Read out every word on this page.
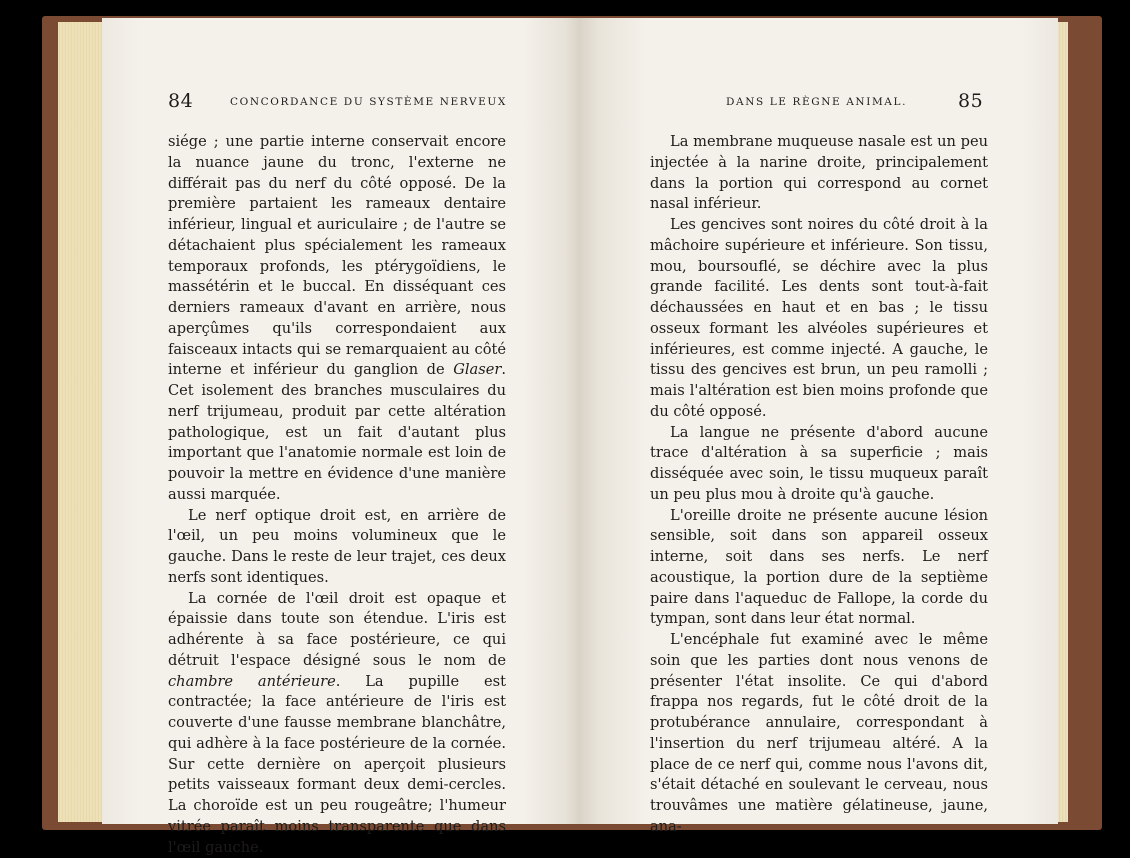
84	CONCORDANCE DU SYSTÈME NERVEUX

siége ; une partie interne conservait encore la nuance jaune du tronc, l'externe ne différait pas du nerf du côté opposé. De la première partaient les rameaux dentaire inférieur, lingual et auriculaire ; de l'autre se détachaient plus spécialement les rameaux temporaux profonds, les ptérygoïdiens, le massétérin et le buccal. En disséquant ces derniers rameaux d'avant en arrière, nous aperçûmes qu'ils correspondaient aux faisceaux intacts qui se remarquaient au côté interne et inférieur du ganglion de Glaser. Cet isolement des branches musculaires du nerf trijumeau, produit par cette altération pathologique, est un fait d'autant plus important que l'anatomie normale est loin de pouvoir la mettre en évidence d'une manière aussi marquée.

Le nerf optique droit est, en arrière de l'œil, un peu moins volumineux que le gauche. Dans le reste de leur trajet, ces deux nerfs sont identiques.

La cornée de l'œil droit est opaque et épaissie dans toute son étendue. L'iris est adhérente à sa face postérieure, ce qui détruit l'espace désigné sous le nom de chambre antérieure. La pupille est contractée; la face antérieure de l'iris est couverte d'une fausse membrane blanchâtre, qui adhère à la face postérieure de la cornée. Sur cette dernière on aperçoit plusieurs petits vaisseaux formant deux demi-cercles. La choroïde est un peu rougeâtre; l'humeur vitrée paraît moins transparente que dans l'œil gauche.

DANS LE RÈGNE ANIMAL.	85

La membrane muqueuse nasale est un peu injectée à la narine droite, principalement dans la portion qui correspond au cornet nasal inférieur.

Les gencives sont noires du côté droit à la mâchoire supérieure et inférieure. Son tissu, mou, boursouflé, se déchire avec la plus grande facilité. Les dents sont tout-à-fait déchaussées en haut et en bas ; le tissu osseux formant les alvéoles supérieures et inférieures, est comme injecté. A gauche, le tissu des gencives est brun, un peu ramolli ; mais l'altération est bien moins profonde que du côté opposé.

La langue ne présente d'abord aucune trace d'altération à sa superficie ; mais disséquée avec soin, le tissu muqueux paraît un peu plus mou à droite qu'à gauche.

L'oreille droite ne présente aucune lésion sensible, soit dans son appareil osseux interne, soit dans ses nerfs. Le nerf acoustique, la portion dure de la septième paire dans l'aqueduc de Fallope, la corde du tympan, sont dans leur état normal.

L'encéphale fut examiné avec le même soin que les parties dont nous venons de présenter l'état insolite. Ce qui d'abord frappa nos regards, fut le côté droit de la protubérance annulaire, correspondant à l'insertion du nerf trijumeau altéré. A la place de ce nerf qui, comme nous l'avons dit, s'était détaché en soulevant le cerveau, nous trouvâmes une matière gélatineuse, jaune, ana-
